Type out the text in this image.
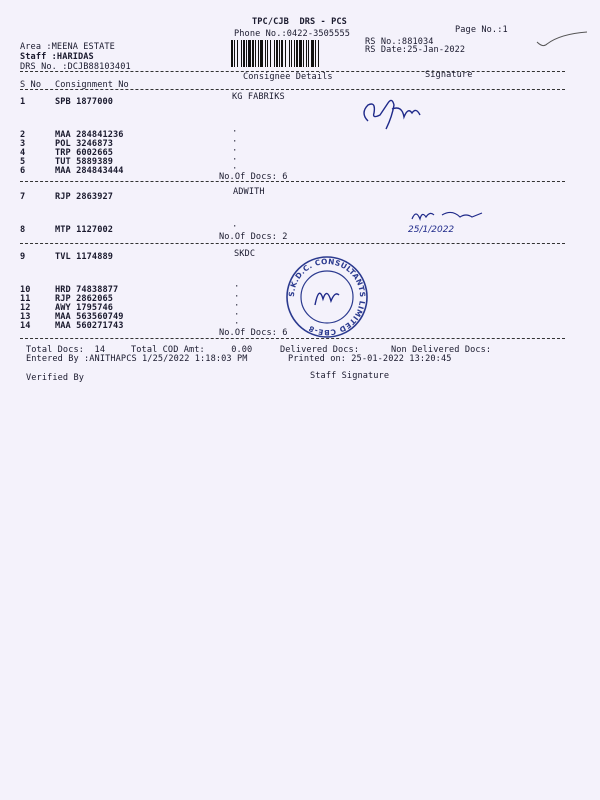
TPC/CJB  DRS - PCS
Phone No.:0422-3505555	Page No.:1
Area :MEENA ESTATE
Staff :HARIDAS
DRS No. :DCJB88103401
RS No.:881034
RS Date:25-Jan-2022
Consignee Details	Signature
S No Consignment No
KG FABRIKS
1	SPB 1877000
2	MAA 284841236
3	POL 3246873
4	TRP 6002665
5	TUT 5889389
6	MAA 284843444
·
·
·
·
·
No.Of Docs: 6
ADWITH
7	RJP 2863927
8	MTP 1127002	·
No.Of Docs: 2
25/1/2022
SKDC
9	TVL 1174889
10	HRD 74838877
11	RJP 2862065
12	AWY 1795746
13	MAA 563560749
14	MAA 560271743
·
·
·
·
·
No.Of Docs: 6
S.K.D.C. CONSULTANTS LIMITED CBE-8
Total Docs:  14	Total COD Amt:     0.00	Delivered Docs:	Non Delivered Docs:
Entered By :ANITHAPCS 1/25/2022 1:18:03 PM	Printed on: 25-01-2022 13:20:45
Verified By	Staff Signature
